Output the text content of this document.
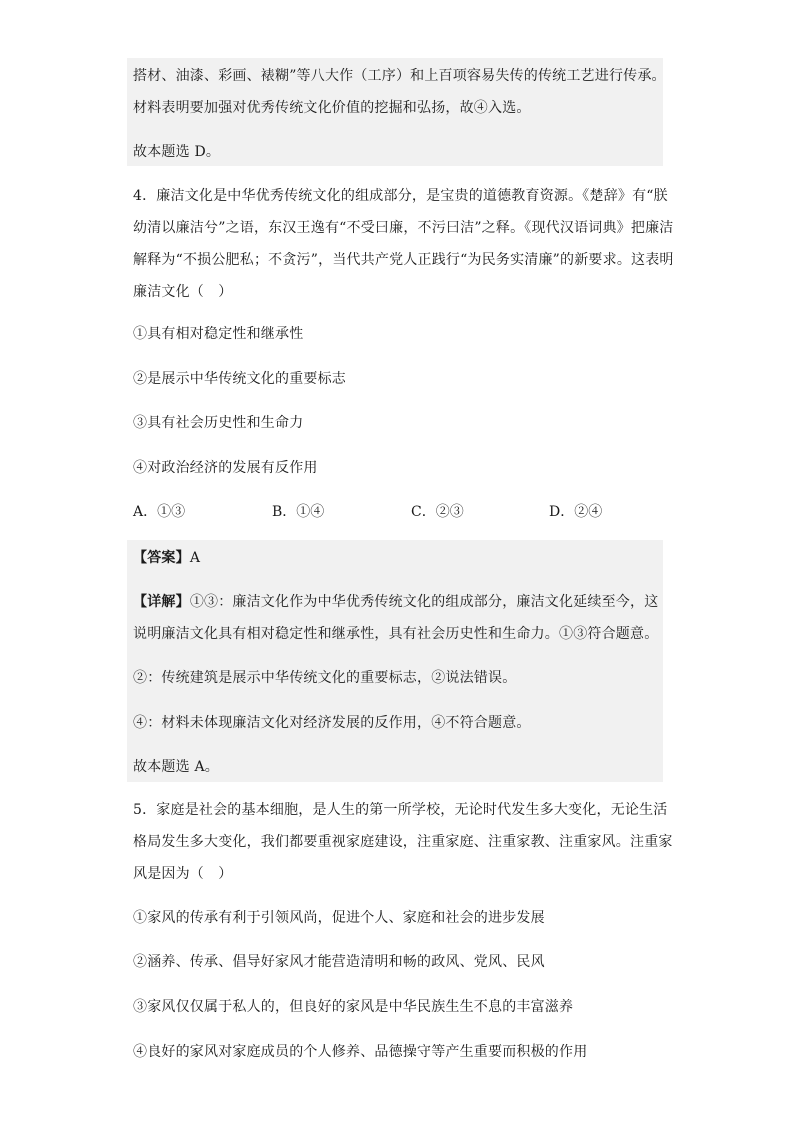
搭材、油漆、彩画、裱糊”等八大作（工序）和上百项容易失传的传统工艺进行传承。
材料表明要加强对优秀传统文化价值的挖掘和弘扬，故④入选。
故本题选 D。
4．廉洁文化是中华优秀传统文化的组成部分，是宝贵的道德教育资源。《楚辞》有“朕
幼清以廉洁兮”之语，东汉王逸有“不受曰廉，不污曰洁”之释。《现代汉语词典》把廉洁
解释为“不损公肥私；不贪污”，当代共产党人正践行“为民务实清廉”的新要求。这表明
廉洁文化（　）
①具有相对稳定性和继承性
②是展示中华传统文化的重要标志
③具有社会历史性和生命力
④对政治经济的发展有反作用
A．①③	B．①④	C．②③	D．②④
【答案】A
【详解】①③：廉洁文化作为中华优秀传统文化的组成部分，廉洁文化延续至今，这
说明廉洁文化具有相对稳定性和继承性，具有社会历史性和生命力。①③符合题意。
②：传统建筑是展示中华传统文化的重要标志，②说法错误。
④：材料未体现廉洁文化对经济发展的反作用，④不符合题意。
故本题选 A。
5．家庭是社会的基本细胞，是人生的第一所学校，无论时代发生多大变化，无论生活
格局发生多大变化，我们都要重视家庭建设，注重家庭、注重家教、注重家风。注重家
风是因为（　）
①家风的传承有利于引领风尚，促进个人、家庭和社会的进步发展
②涵养、传承、倡导好家风才能营造清明和畅的政风、党风、民风
③家风仅仅属于私人的，但良好的家风是中华民族生生不息的丰富滋养
④良好的家风对家庭成员的个人修养、品德操守等产生重要而积极的作用
